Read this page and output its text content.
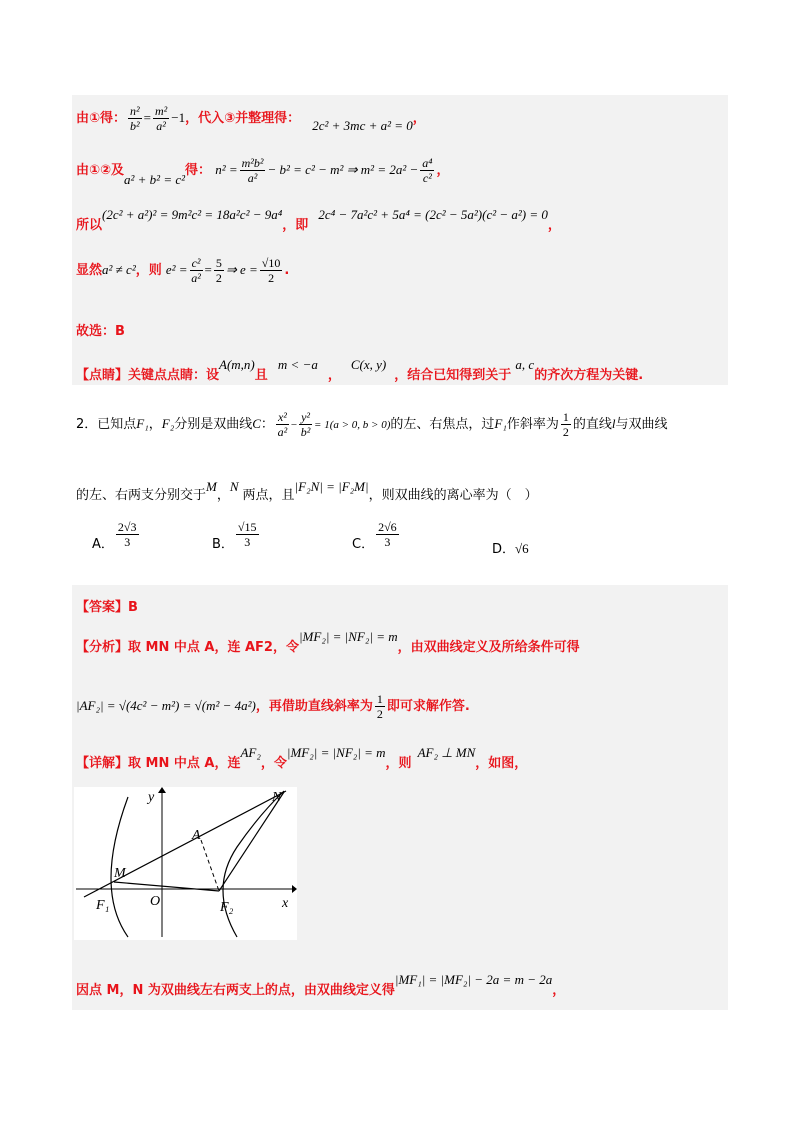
由①得： $\frac{\text{n²}}{\text{b²}} = \frac{\text{m²}}{\text{a²}} -1$，代入③并整理得： 2c² + 3mc + a² = 0，
由①②及a² + b² = c²得： $n^2 = \frac{\text{m²b²}}{\text{a²}} - b^2 = c^2 - m^2$ ⇒ $m^2 = 2a^2 - \frac{\text{a⁴}}{\text{c²}}$ ，
所以(2c² + a²)² = 9m²c² = 18a²c² − 9a⁴，即 2c⁴ − 7a²c² + 5a⁴ = (2c² − 5a²)(c² − a²) = 0，
显然a² ≠ c²，则 $e^2 = \frac{\text{c²}}{\text{a²}} = \frac{5}{2}$ ⇒ $e = \frac{√10}{2}$ .
故选：B
【点睛】关键点点睛：设A(m,n)且 m < −a，C(x, y)，结合已知得到关于 a, c的齐次方程为关键.
2．已知点F₁，F₂分别是双曲线C： $\frac{\text{x²}}{\text{a²}} - \frac{\text{y²}}{\text{b²}} = 1(a > 0$, b > 0)的左、右焦点，过F₁作斜率为 $\frac{1}{2}$ 的直线l与双曲线
的左、右两支分别交于M，N两点，且|F₂N| = |F₂M|，则双曲线的离心率为（　）
A． $\frac{2√3}{3}$	B． $\frac{√15}{3}$	C． $\frac{2√6}{3}$
D．√6
【答案】B
【分析】取 MN 中点 A，连 AF2，令|MF₂| = |NF₂| = m，由双曲线定义及所给条件可得
|AF₂| = √(4c² − m²) = √(m² − 4a²)，再借助直线斜率为 $\frac{1}{2}$ 即可求解作答.
【详解】取 MN 中点 A，连AF₂，令|MF₂| = |NF₂| = m，则AF₂ ⊥ MN，如图，
y
x
N
A
M
O
F₁	F₂
因点 M，N 为双曲线左右两支上的点，由双曲线定义得|MF₁| = |MF₂| − 2a = m − 2a，
